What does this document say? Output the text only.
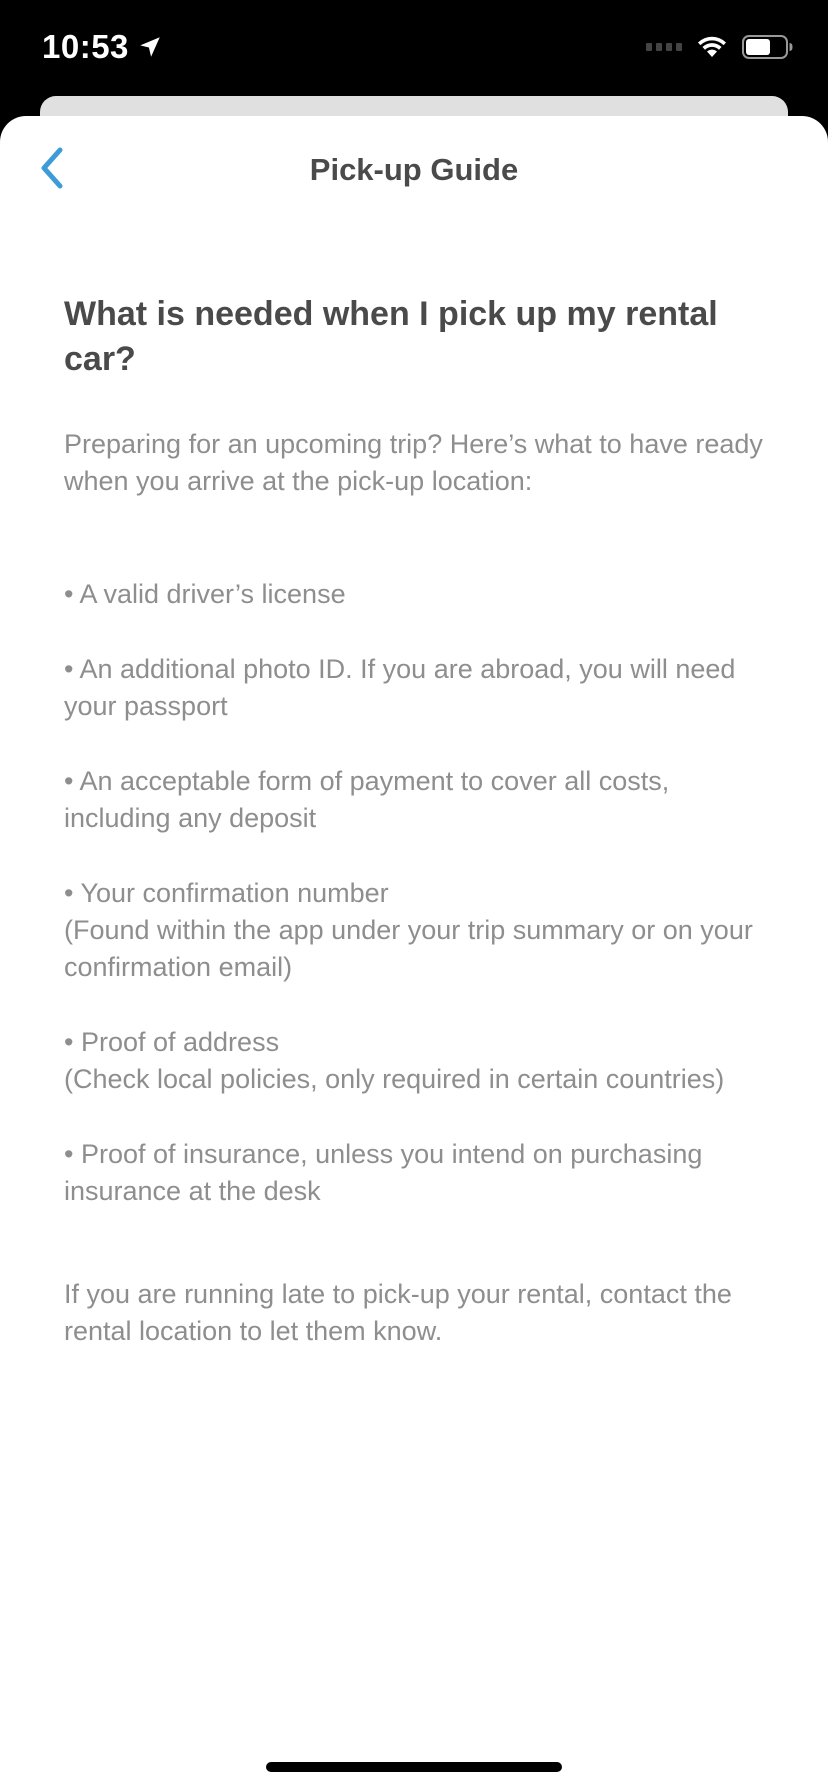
10:53
Pick-up Guide
What is needed when I pick up my rental car?

Preparing for an upcoming trip? Here’s what to have ready when you arrive at the pick-up location:

• A valid driver’s license
• An additional photo ID. If you are abroad, you will need your passport
• An acceptable form of payment to cover all costs, including any deposit
• Your confirmation number
(Found within the app under your trip summary or on your confirmation email)
• Proof of address
(Check local policies, only required in certain countries)
• Proof of insurance, unless you intend on purchasing insurance at the desk

If you are running late to pick-up your rental, contact the rental location to let them know.
